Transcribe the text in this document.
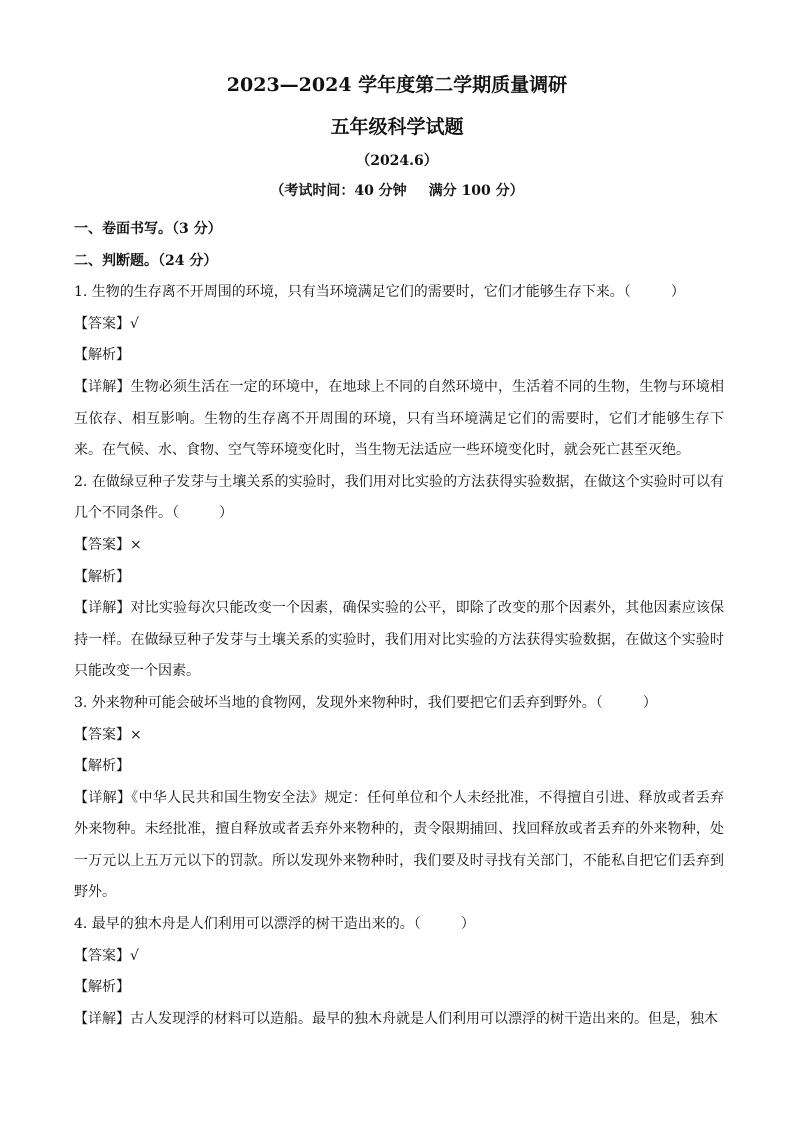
2023—2024 学年度第二学期质量调研
五年级科学试题
（2024.6）
（考试时间：40 分钟 满分 100 分）

一、卷面书写。（3 分）

二、判断题。（24 分）

1. 生物的生存离不开周围的环境，只有当环境满足它们的需要时，它们才能够生存下来。（	）

【答案】√

【解析】

【详解】生物必须生活在一定的环境中，在地球上不同的自然环境中，生活着不同的生物，生物与环境相互依存、相互影响。生物的生存离不开周围的环境，只有当环境满足它们的需要时，它们才能够生存下来。在气候、水、食物、空气等环境变化时，当生物无法适应一些环境变化时，就会死亡甚至灭绝。

2. 在做绿豆种子发芽与土壤关系的实验时，我们用对比实验的方法获得实验数据，在做这个实验时可以有几个不同条件。（	）

【答案】×

【解析】

【详解】对比实验每次只能改变一个因素，确保实验的公平，即除了改变的那个因素外，其他因素应该保持一样。在做绿豆种子发芽与土壤关系的实验时，我们用对比实验的方法获得实验数据，在做这个实验时只能改变一个因素。

3. 外来物种可能会破坏当地的食物网，发现外来物种时，我们要把它们丢弃到野外。（	）

【答案】×

【解析】

【详解】《中华人民共和国生物安全法》规定：任何单位和个人未经批准，不得擅自引进、释放或者丢弃外来物种。未经批准，擅自释放或者丢弃外来物种的，责令限期捕回、找回释放或者丢弃的外来物种，处一万元以上五万元以下的罚款。所以发现外来物种时，我们要及时寻找有关部门，不能私自把它们丢弃到野外。

4. 最早的独木舟是人们利用可以漂浮的树干造出来的。（	）

【答案】√

【解析】

【详解】古人发现浮的材料可以造船。最早的独木舟就是人们利用可以漂浮的树干造出来的。但是，独木
